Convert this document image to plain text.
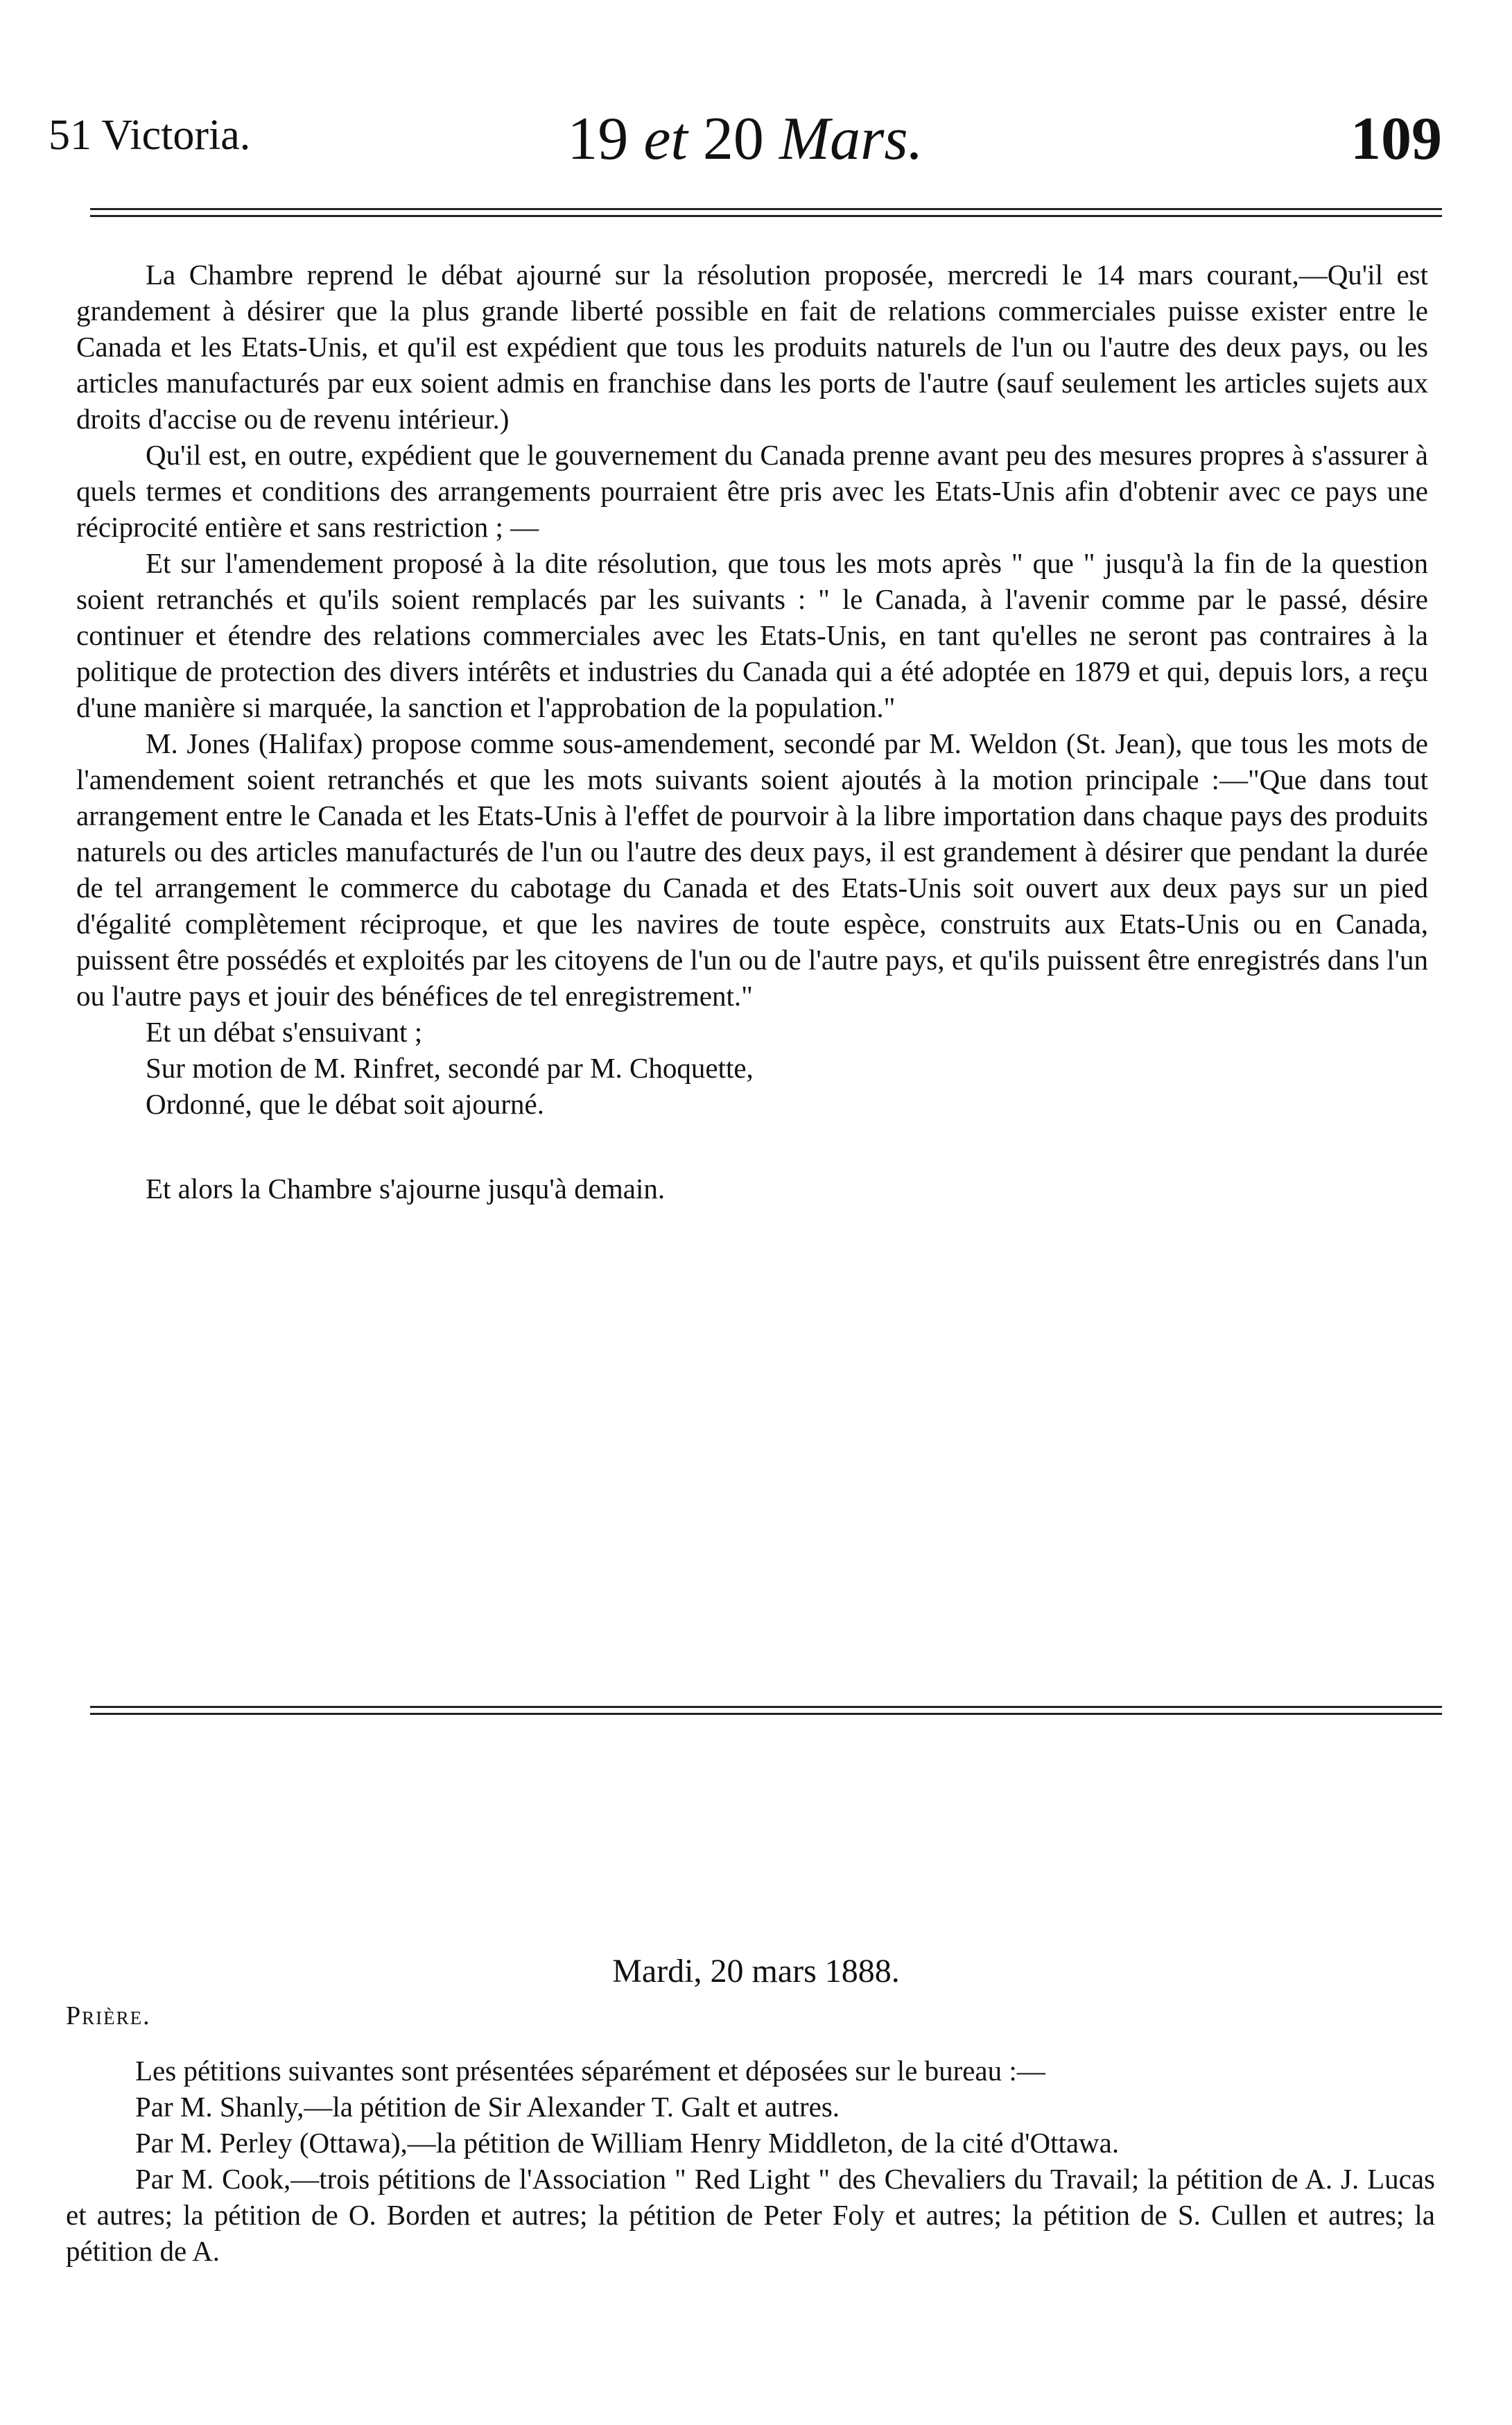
51 Victoria.	19 et 20 Mars.	109

La Chambre reprend le débat ajourné sur la résolution proposée, mercredi le 14 mars courant,—Qu'il est grandement à désirer que la plus grande liberté possible en fait de relations commerciales puisse exister entre le Canada et les Etats-Unis, et qu'il est expédient que tous les produits naturels de l'un ou l'autre des deux pays, ou les articles manufacturés par eux soient admis en franchise dans les ports de l'autre (sauf seulement les articles sujets aux droits d'accise ou de revenu intérieur.)

Qu'il est, en outre, expédient que le gouvernement du Canada prenne avant peu des mesures propres à s'assurer à quels termes et conditions des arrangements pourraient être pris avec les Etats-Unis afin d'obtenir avec ce pays une réciprocité entière et sans restriction ; —

Et sur l'amendement proposé à la dite résolution, que tous les mots après " que " jusqu'à la fin de la question soient retranchés et qu'ils soient remplacés par les suivants : " le Canada, à l'avenir comme par le passé, désire continuer et étendre des relations commerciales avec les Etats-Unis, en tant qu'elles ne seront pas contraires à la politique de protection des divers intérêts et industries du Canada qui a été adoptée en 1879 et qui, depuis lors, a reçu d'une manière si marquée, la sanction et l'approbation de la population."

M. Jones (Halifax) propose comme sous-amendement, secondé par M. Weldon (St. Jean), que tous les mots de l'amendement soient retranchés et que les mots suivants soient ajoutés à la motion principale :—"Que dans tout arrangement entre le Canada et les Etats-Unis à l'effet de pourvoir à la libre importation dans chaque pays des produits naturels ou des articles manufacturés de l'un ou l'autre des deux pays, il est grandement à désirer que pendant la durée de tel arrangement le commerce du cabotage du Canada et des Etats-Unis soit ouvert aux deux pays sur un pied d'égalité complètement réciproque, et que les navires de toute espèce, construits aux Etats-Unis ou en Canada, puissent être possédés et exploités par les citoyens de l'un ou de l'autre pays, et qu'ils puissent être enregistrés dans l'un ou l'autre pays et jouir des bénéfices de tel enregistrement."

Et un débat s'ensuivant ;

Sur motion de M. Rinfret, secondé par M. Choquette,

Ordonné, que le débat soit ajourné.

Et alors la Chambre s'ajourne jusqu'à demain.

Mardi, 20 mars 1888.
Prière.

Les pétitions suivantes sont présentées séparément et déposées sur le bureau :—

Par M. Shanly,—la pétition de Sir Alexander T. Galt et autres.

Par M. Perley (Ottawa),—la pétition de William Henry Middleton, de la cité d'Ottawa.

Par M. Cook,—trois pétitions de l'Association " Red Light " des Chevaliers du Travail; la pétition de A. J. Lucas et autres; la pétition de O. Borden et autres; la pétition de Peter Foly et autres; la pétition de S. Cullen et autres; la pétition de A.
